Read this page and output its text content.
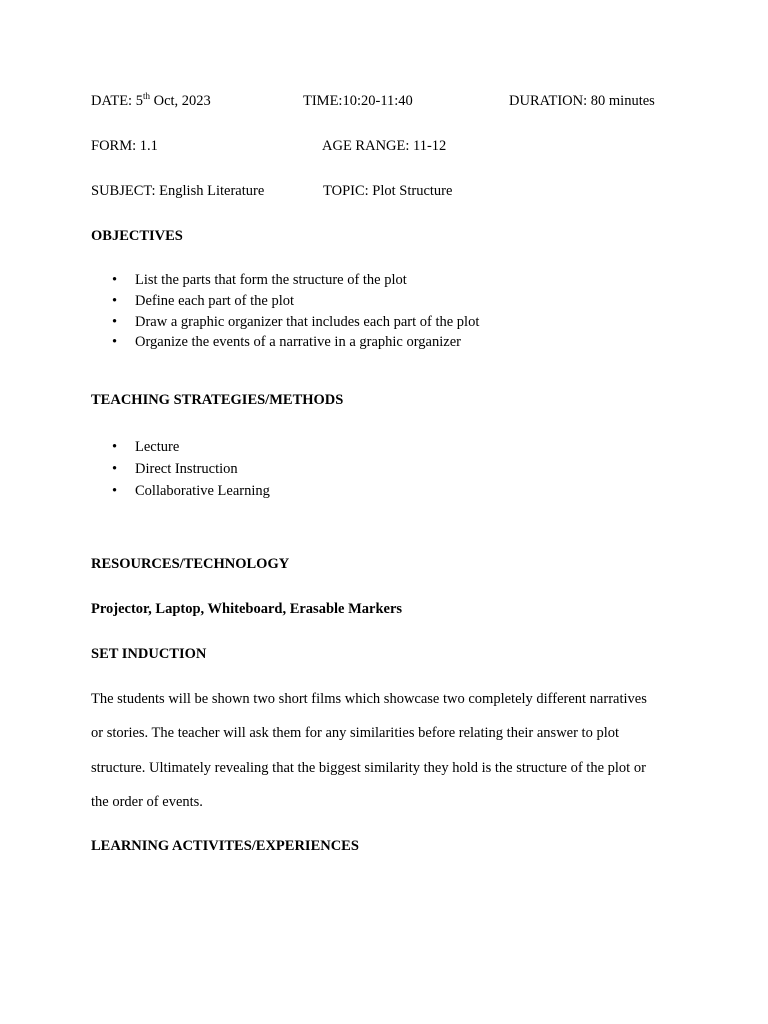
DATE: 5th Oct, 2023	TIME:10:20-11:40	DURATION: 80 minutes
FORM: 1.1	AGE RANGE: 11-12
SUBJECT: English Literature	TOPIC: Plot Structure
OBJECTIVES
• List the parts that form the structure of the plot
• Define each part of the plot
• Draw a graphic organizer that includes each part of the plot
• Organize the events of a narrative in a graphic organizer
TEACHING STRATEGIES/METHODS
• Lecture
• Direct Instruction
• Collaborative Learning
RESOURCES/TECHNOLOGY
Projector, Laptop, Whiteboard, Erasable Markers
SET INDUCTION
The students will be shown two short films which showcase two completely different narratives
or stories. The teacher will ask them for any similarities before relating their answer to plot
structure. Ultimately revealing that the biggest similarity they hold is the structure of the plot or
the order of events.
LEARNING ACTIVITES/EXPERIENCES
